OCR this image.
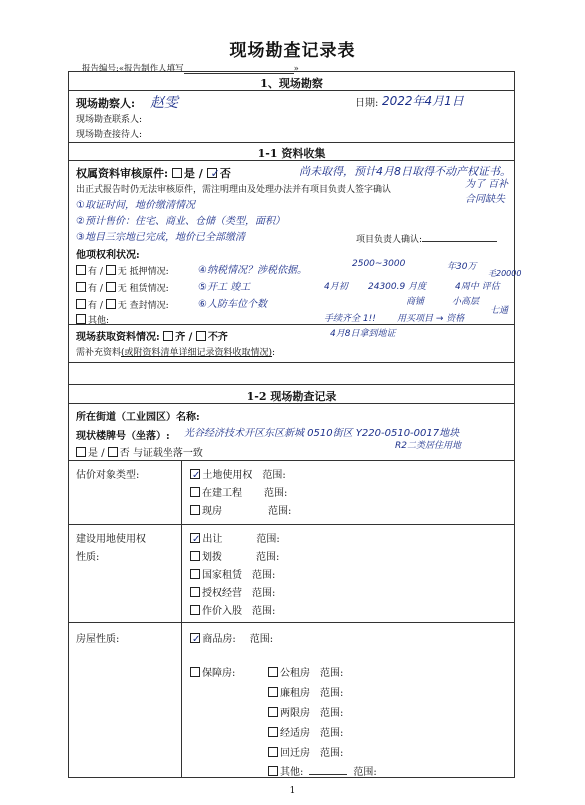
现场勘查记录表
报告编号:«报告制作人填写	»
1、现场勘察
现场勘察人: 赵雯	日期: 2022年4月1日
现场勘查联系人:
现场勘查接待人:
1-1 资料收集
权属资料审核原件: 是 / ✓否	尚未取得，预计4月8日取得不动产权证书。
为了 百补 合同缺失
出正式报告时仍无法审核原件，需注明理由及处理办法并有项目负责人签字确认
①取证时间，地价缴清情况
②预计售价：住宅、商业、仓储（类型，面积）
③地目三宗地已完成，地价已全部缴清	项目负责人确认:
他项权利状况:
有 / 无 抵押情况:	④纳税情况？涉税依据。
有 / 无 租赁情况:	⑤开工 竣工
有 / 无 查封情况:	⑥人防车位个数
其他:
2500~3000	年30万
毛20000
4月初 24300.9 月度	4周中 评估
商铺	小高层
七通
手续齐全 1!! 用买项目 → 资格
4月8日拿到地证
现场获取资料情况: 齐 / 不齐
需补充资料(或附资料清单详细记录资料收取情况):
1-2 现场勘查记录
所在街道（工业园区）名称:
现状楼牌号（坐落）: 光谷经济技术开区东区新城 0510街区 Y220-0510-0017地块
R2二类居住用地
是 / 否 与证载坐落一致
估价对象类型:	✓ 土地使用权 范围:
在建工程 范围:
现房	范围:
建设用地使用权
性质:
✓ 出让	范围:
划拨	范围:
国家租赁 范围:
授权经营 范围:
作价入股 范围:
房屋性质:	✓ 商品房: 范围:
保障房:	公租房 范围:
廉租房 范围:
两限房 范围:
经适房 范围:
回迁房 范围:
其他:	范围:
1
